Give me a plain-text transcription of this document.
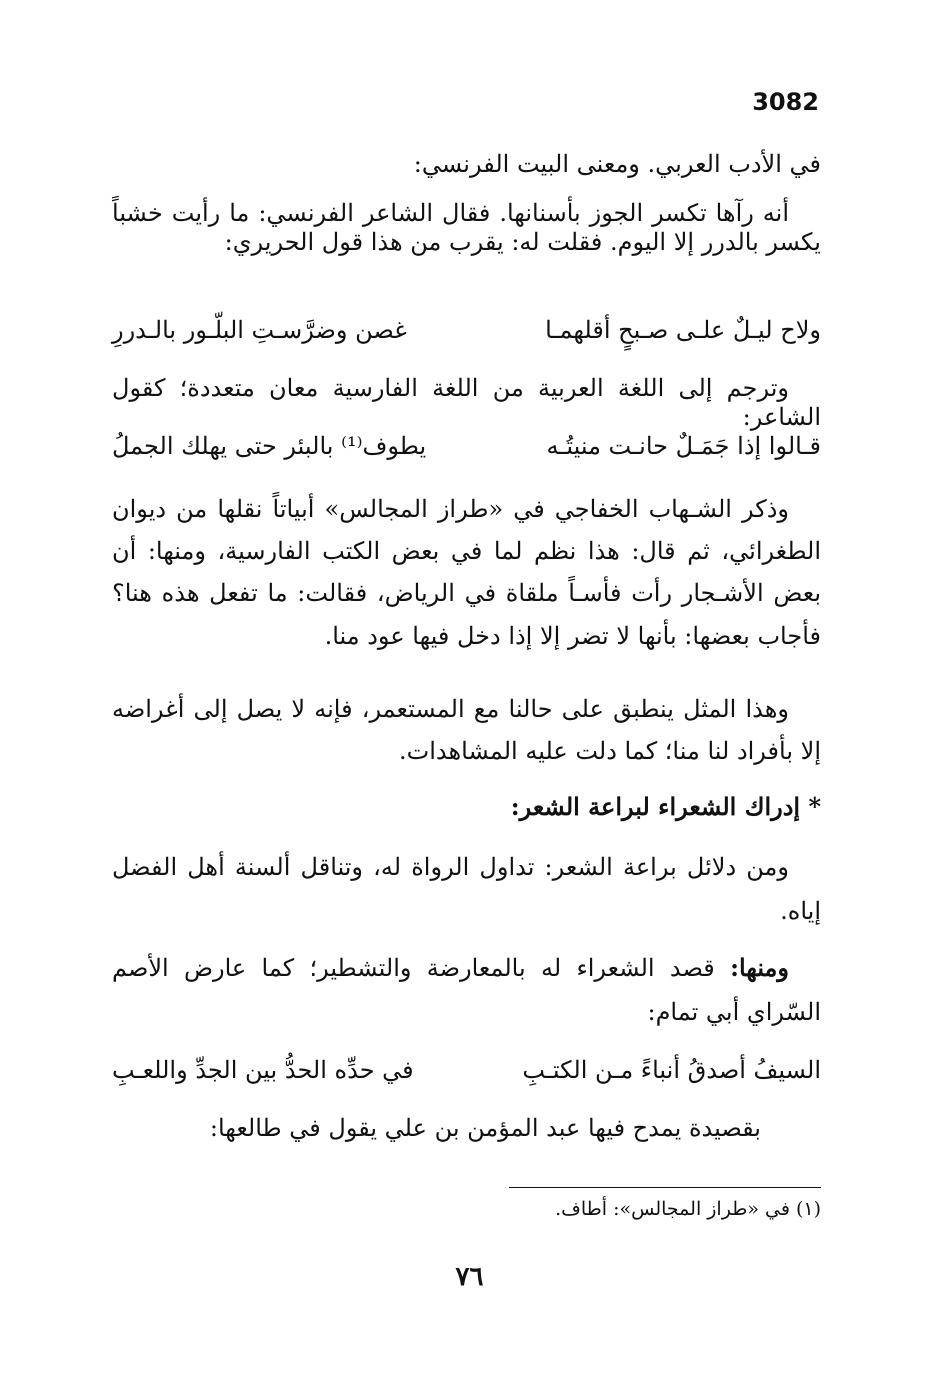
3082
في الأدب العربي. ومعنى البيت الفرنسي:
أنه رآها تكسر الجوز بأسنانها. فقال الشاعر الفرنسي: ما رأيت خشباً يكسر بالدرر إلا اليوم. فقلت له: يقرب من هذا قول الحريري:
ولاح ليـلٌ علـى صـبحٍ أقلهمـا
غصن وضرَّسـتِ البلّـور بالـدررِ
وترجم إلى اللغة العربية من اللغة الفارسية معان متعددة؛ كقول الشاعر:
قـالوا إذا جَمَـلٌ حانـت منيتُـه
يطوف⁽¹⁾ بالبئر حتى يهلك الجملُ
وذكر الشـهاب الخفاجي في «طراز المجالس» أبياتاً نقلها من ديوان الطغرائي، ثم قال: هذا نظم لما في بعض الكتب الفارسية، ومنها: أن بعض الأشـجار رأت فأسـاً ملقاة في الرياض، فقالت: ما تفعل هذه هنا؟ فأجاب بعضها: بأنها لا تضر إلا إذا دخل فيها عود منا.
وهذا المثل ينطبق على حالنا مع المستعمر، فإنه لا يصل إلى أغراضه إلا بأفراد لنا منا؛ كما دلت عليه المشاهدات.
* إدراك الشعراء لبراعة الشعر:
ومن دلائل براعة الشعر: تداول الرواة له، وتناقل ألسنة أهل الفضل إياه.
ومنها: قصد الشعراء له بالمعارضة والتشطير؛ كما عارض الأصم السّراي أبي تمام:
السيفُ أصدقُ أنباءً مـن الكتـبِ
في حدِّه الحدُّ بين الجدِّ واللعـبِ
بقصيدة يمدح فيها عبد المؤمن بن علي يقول في طالعها:
(١) في «طراز المجالس»: أطاف.
٧٦
